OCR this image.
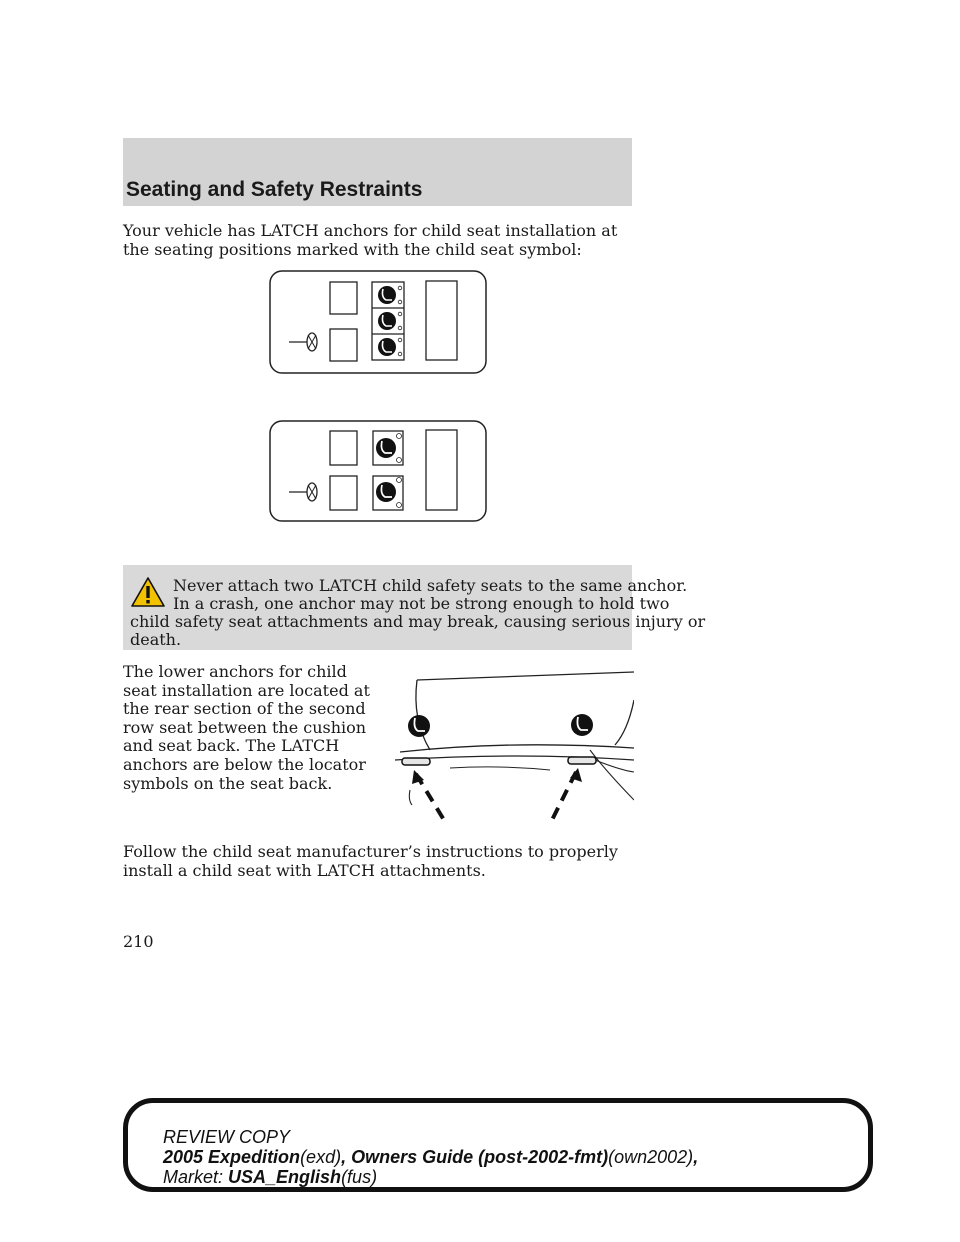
Seating and Safety Restraints

Your vehicle has LATCH anchors for child seat installation at the seating positions marked with the child seat symbol:

Never attach two LATCH child safety seats to the same anchor.

In a crash, one anchor may not be strong enough to hold two

child safety seat attachments and may break, causing serious injury or

death.

The lower anchors for child seat installation are located at the rear section of the second row seat between the cushion and seat back. The LATCH anchors are below the locator symbols on the seat back.

Follow the child seat manufacturer’s instructions to properly install a child seat with LATCH attachments.

210

REVIEW COPY

2005 Expedition(exd), Owners Guide (post-2002-fmt)(own2002),

Market: USA_English(fus)
